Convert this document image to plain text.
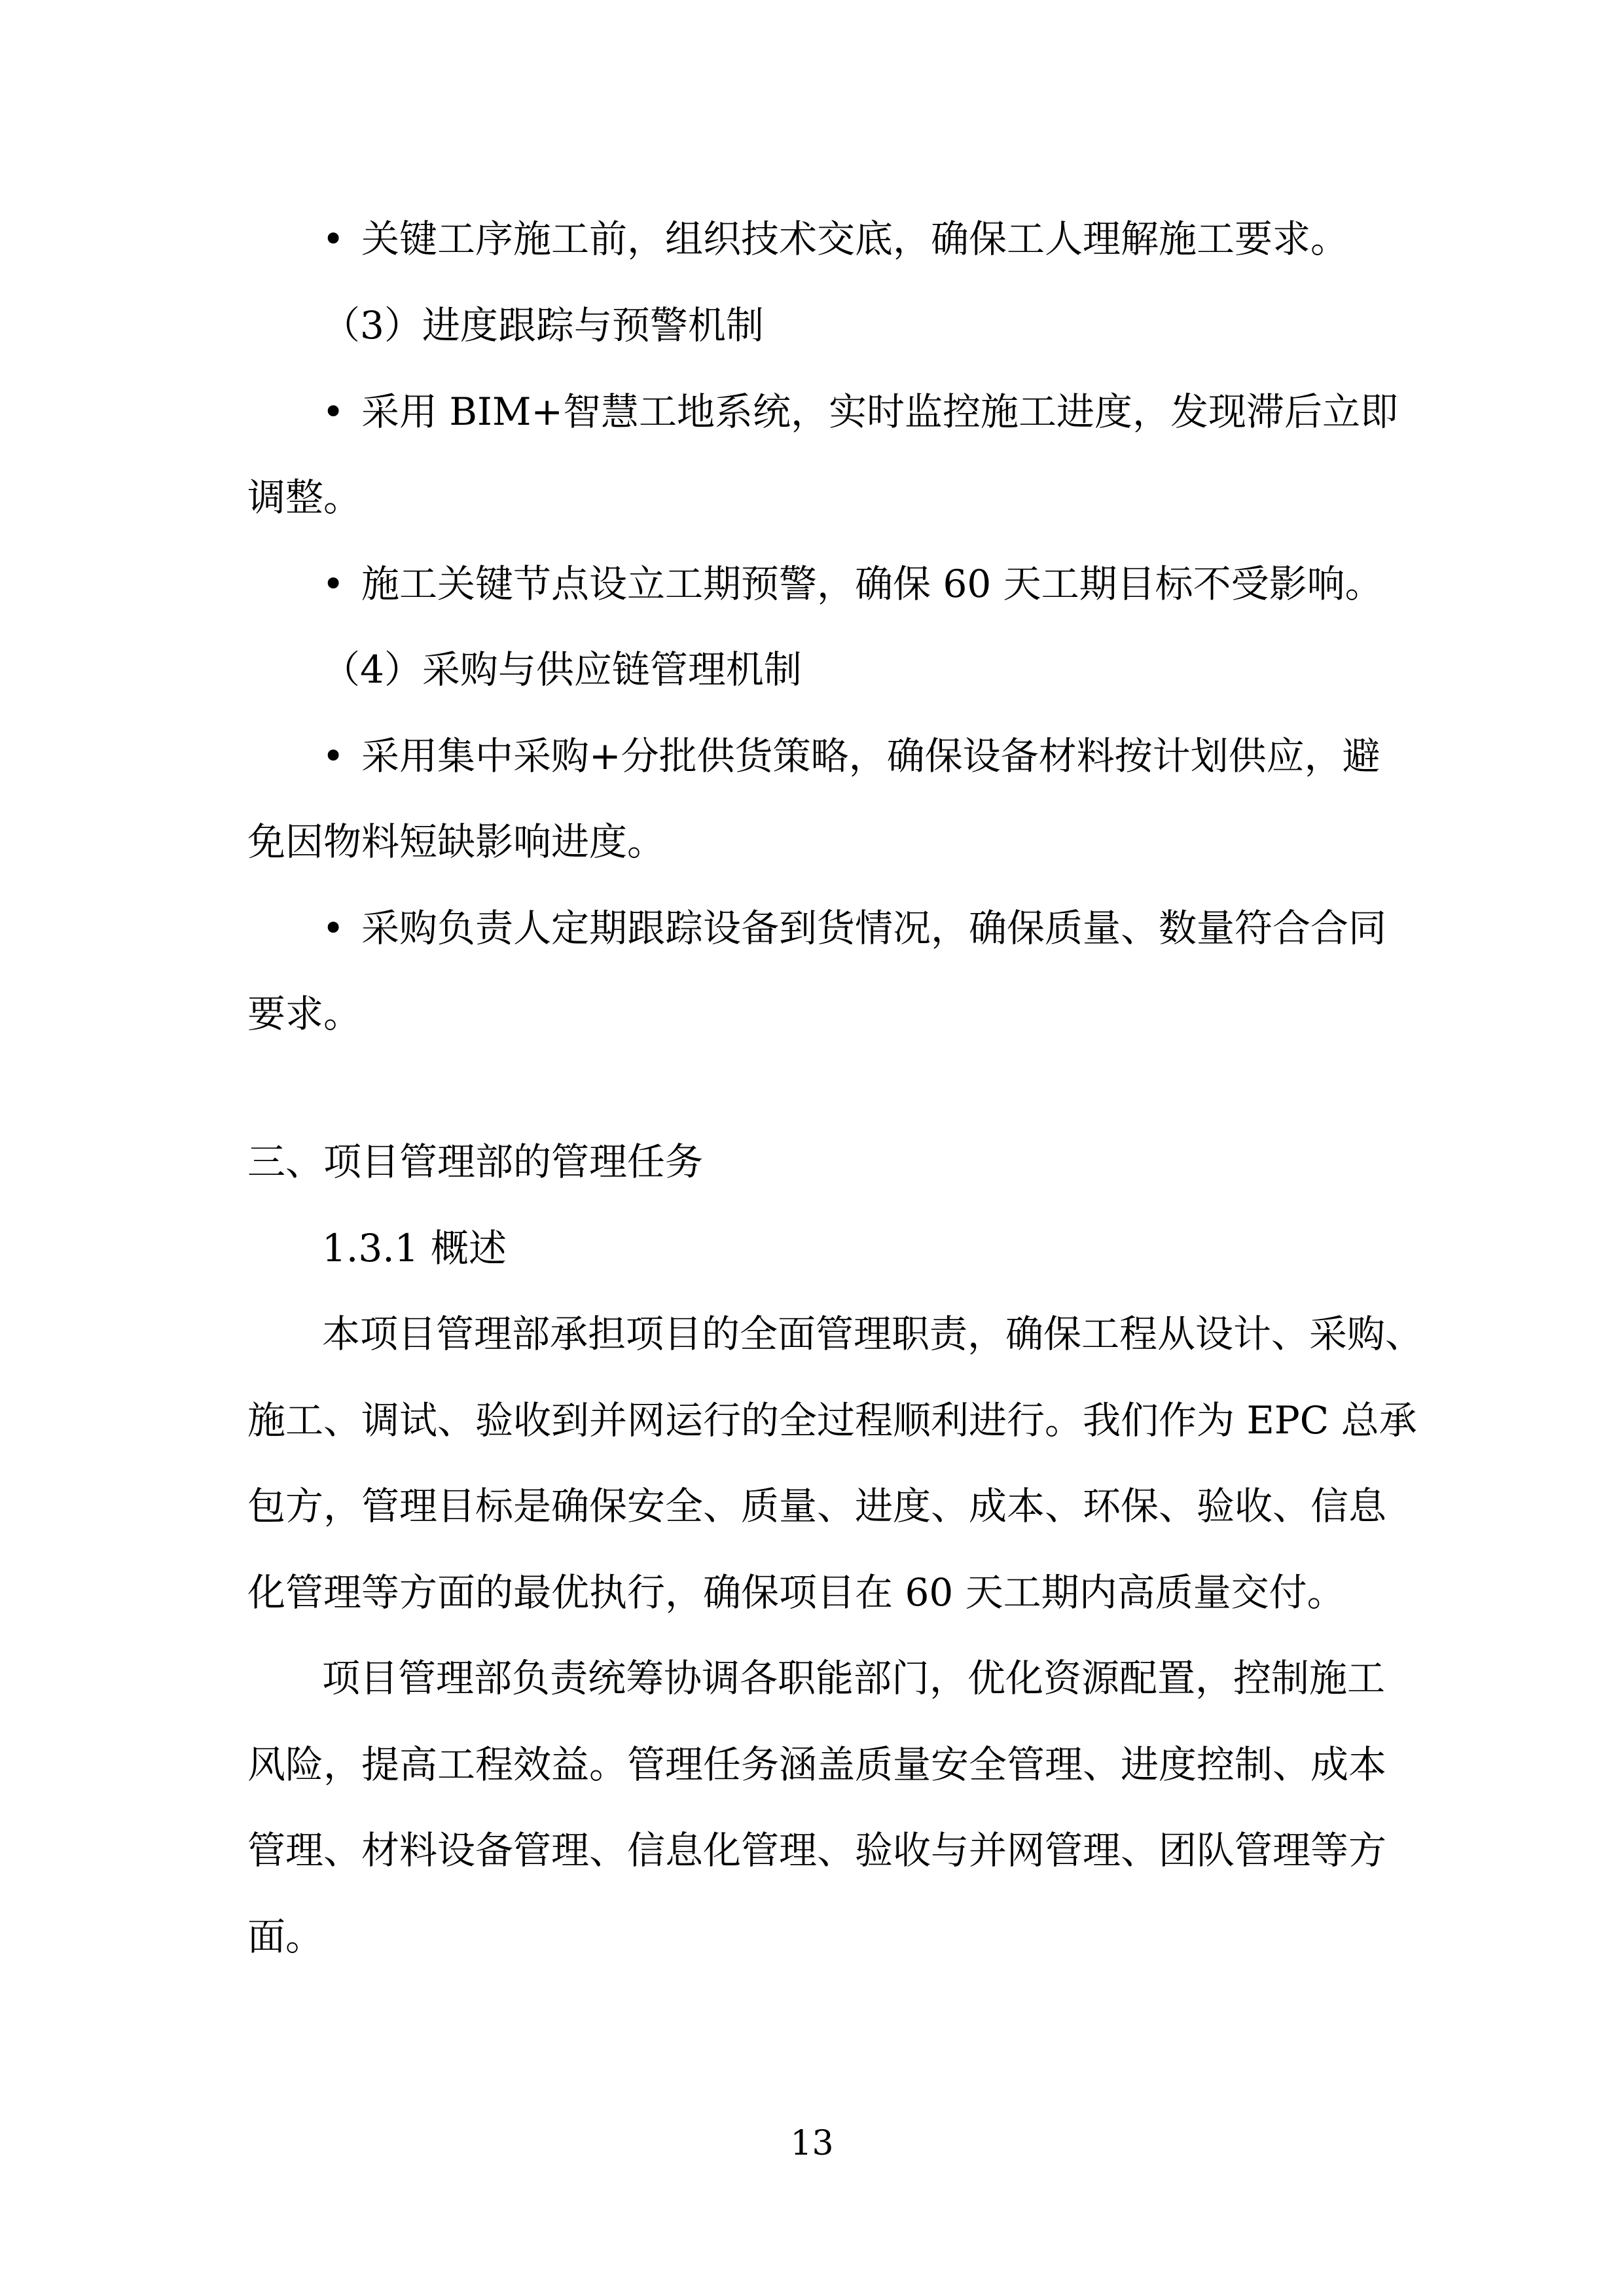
• 关键工序施工前，组织技术交底，确保工人理解施工要求。

（3）进度跟踪与预警机制

• 采用 BIM+智慧工地系统，实时监控施工进度，发现滞后立即

调整。

• 施工关键节点设立工期预警，确保 60 天工期目标不受影响。

（4）采购与供应链管理机制

• 采用集中采购+分批供货策略，确保设备材料按计划供应，避

免因物料短缺影响进度。

• 采购负责人定期跟踪设备到货情况，确保质量、数量符合合同

要求。

三、项目管理部的管理任务

1.3.1 概述

本项目管理部承担项目的全面管理职责，确保工程从设计、采购、

施工、调试、验收到并网运行的全过程顺利进行。我们作为 EPC 总承

包方，管理目标是确保安全、质量、进度、成本、环保、验收、信息

化管理等方面的最优执行，确保项目在 60 天工期内高质量交付。

项目管理部负责统筹协调各职能部门，优化资源配置，控制施工

风险，提高工程效益。管理任务涵盖质量安全管理、进度控制、成本

管理、材料设备管理、信息化管理、验收与并网管理、团队管理等方

面。

13
